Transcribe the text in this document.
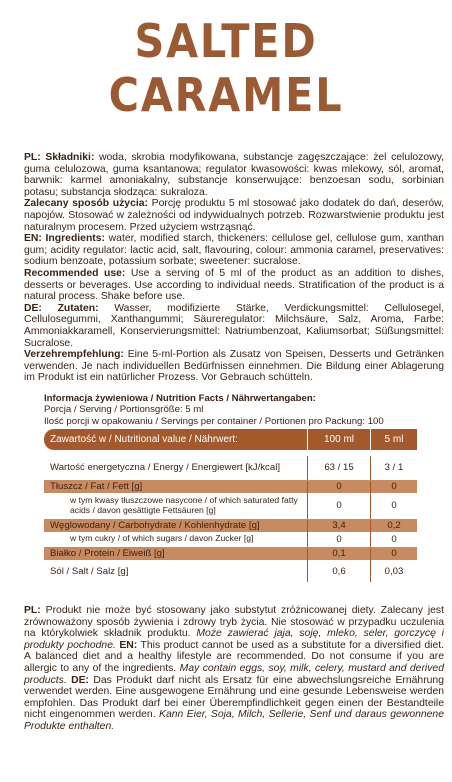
SALTED
CARAMEL

PL: Składniki: woda, skrobia modyfikowana, substancje zagęszczające: żel celulozowy, guma celulozowa, guma ksantanowa; regulator kwasowości: kwas mlekowy, sól, aromat, barwnik: karmel amoniakalny, substancje konserwujące: benzoesan sodu, sorbinian potasu; substancja słodząca: sukraloza.

Zalecany sposób użycia: Porcję produktu 5 ml stosować jako dodatek do dań, deserów, napojów. Stosować w zależności od indywidualnych potrzeb. Rozwarstwienie produktu jest naturalnym procesem. Przed użyciem wstrząsnąć.

EN: Ingredients: water, modified starch, thickeners: cellulose gel, cellulose gum, xanthan gum; acidity regulator: lactic acid, salt, flavouring, colour: ammonia caramel, preservatives: sodium benzoate, potassium sorbate; sweetener: sucralose.

Recommended use: Use a serving of 5 ml of the product as an addition to dishes, desserts or beverages. Use according to individual needs. Stratification of the product is a natural process. Shake before use.

DE: Zutaten: Wasser, modifizierte Stärke, Verdickungsmittel: Cellulosegel, Cellulosegummi, Xanthangummi; Säureregulator: Milchsäure, Salz, Aroma, Farbe: Ammoniakkaramell, Konservierungsmittel: Natriumbenzoat, Kaliumsorbat; Süßungsmittel: Sucralose.

Verzehrempfehlung: Eine 5-ml-Portion als Zusatz von Speisen, Desserts und Getränken verwenden. Je nach individuellen Bedürfnissen einnehmen. Die Bildung einer Ablagerung im Produkt ist ein natürlicher Prozess. Vor Gebrauch schütteln.

Informacja żywieniowa / Nutrition Facts / Nährwertangaben:
Porcja / Serving / Portionsgröße: 5 ml
Ilość porcji w opakowaniu / Servings per container / Portionen pro Packung: 100
Zawartość w / Nutritional value / Nährwert:	100 ml	5 ml

Wartość energetyczna / Energy / Energiewert [kJ/kcal]	63 / 15	3 / 1
Tłuszcz / Fat / Fett [g]	0	0
w tym kwasy tłuszczowe nasycone / of which saturated fatty acids / davon gesättigte Fettsäuren [g]	0	0
Węglowodany / Carbohydrate / Kohlenhydrate [g]	3,4	0,2
w tym cukry / of which sugars / davon Zucker [g]	0	0
Białko / Protein / Eiweiß [g]	0,1	0
Sól / Salt / Salz [g]	0,6	0,03

PL: Produkt nie może być stosowany jako substytut zróżnicowanej diety. Zalecany jest zrównoważony sposób żywienia i zdrowy tryb życia. Nie stosować w przypadku uczulenia na którykolwiek składnik produktu. Może zawierać jaja, soję, mleko, seler, gorczycę i produkty pochodne. EN: This product cannot be used as a substitute for a diversified diet. A balanced diet and a healthy lifestyle are recommended. Do not consume if you are allergic to any of the ingredients. May contain eggs, soy, milk, celery, mustard and derived products. DE: Das Produkt darf nicht als Ersatz für eine abwechslungsreiche Ernährung verwendet werden. Eine ausgewogene Ernährung und eine gesunde Lebensweise werden empfohlen. Das Produkt darf bei einer Überempfindlichkeit gegen einen der Bestandteile nicht eingenommen werden. Kann Eier, Soja, Milch, Sellerie, Senf und daraus gewonnene Produkte enthalten.
